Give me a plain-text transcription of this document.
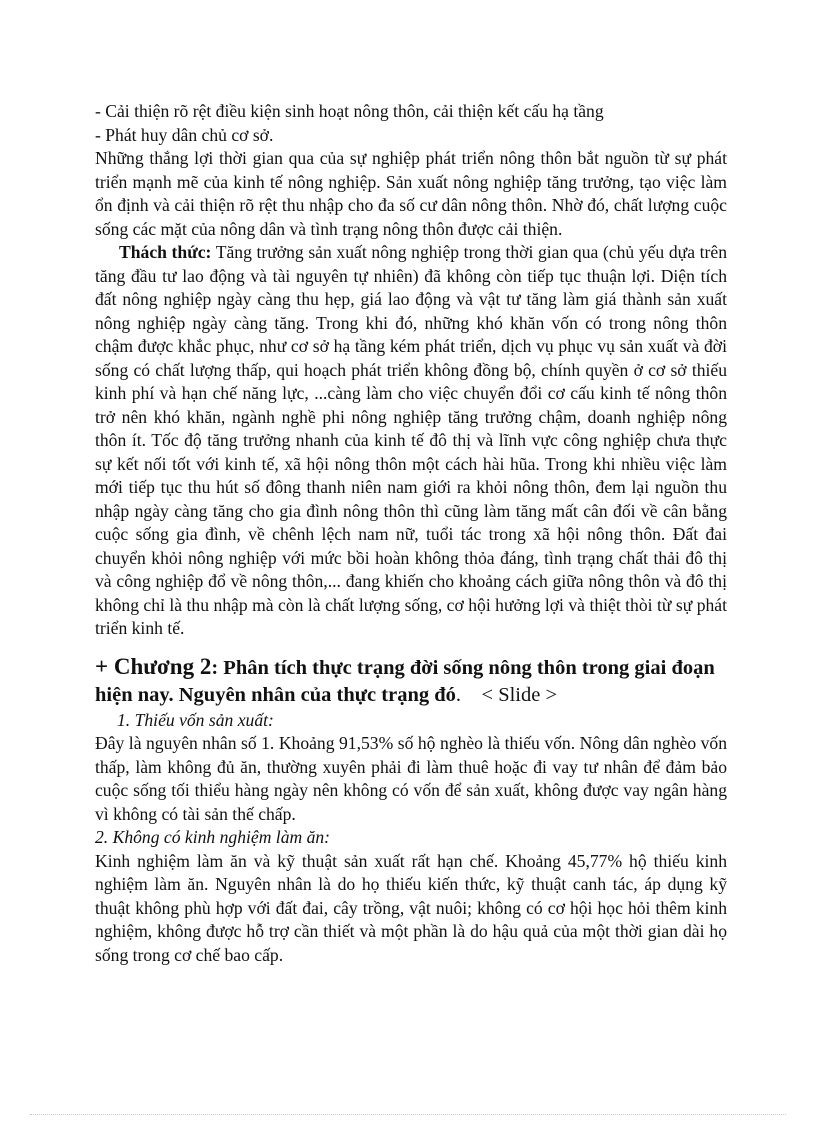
- Cải thiện rõ rệt điều kiện sinh hoạt nông thôn, cải thiện kết cấu hạ tầng

- Phát huy dân chủ cơ sở.

Những thắng lợi thời gian qua của sự nghiệp phát triển nông thôn bắt nguồn từ sự phát triển mạnh mẽ của kinh tế nông nghiệp. Sản xuất nông nghiệp tăng trưởng, tạo việc làm ổn định và cải thiện rõ rệt thu nhập cho đa số cư dân nông thôn. Nhờ đó, chất lượng cuộc sống các mặt của nông dân và tình trạng nông thôn được cải thiện.

Thách thức: Tăng trưởng sản xuất nông nghiệp trong thời gian qua (chủ yếu dựa trên tăng đầu tư lao động và tài nguyên tự nhiên) đã không còn tiếp tục thuận lợi. Diện tích đất nông nghiệp ngày càng thu hẹp, giá lao động và vật tư tăng làm giá thành sản xuất nông nghiệp ngày càng tăng. Trong khi đó, những khó khăn vốn có trong nông thôn chậm được khắc phục, như cơ sở hạ tầng kém phát triển, dịch vụ phục vụ sản xuất và đời sống có chất lượng thấp, qui hoạch phát triển không đồng bộ, chính quyền ở cơ sở thiếu kinh phí và hạn chế năng lực, ...càng làm cho việc chuyển đổi cơ cấu kinh tế nông thôn trở nên khó khăn, ngành nghề phi nông nghiệp tăng trưởng chậm, doanh nghiệp nông thôn ít. Tốc độ tăng trưởng nhanh của kinh tế đô thị và lĩnh vực công nghiệp chưa thực sự kết nối tốt với kinh tế, xã hội nông thôn một cách hài hũa. Trong khi nhiều việc làm mới tiếp tục thu hút số đông thanh niên nam giới ra khỏi nông thôn, đem lại nguồn thu nhập ngày càng tăng cho gia đình nông thôn thì cũng làm tăng mất cân đối về cân bằng cuộc sống gia đình, về chênh lệch nam nữ, tuổi tác trong xã hội nông thôn. Đất đai chuyển khỏi nông nghiệp với mức bồi hoàn không thỏa đáng, tình trạng chất thải đô thị và công nghiệp đổ về nông thôn,... đang khiến cho khoảng cách giữa nông thôn và đô thị không chỉ là thu nhập mà còn là chất lượng sống, cơ hội hưởng lợi và thiệt thòi từ sự phát triển kinh tế.

+ Chương 2: Phân tích thực trạng đời sống nông thôn trong giai đoạn hiện nay. Nguyên nhân của thực trạng đó. < Slide >

1. Thiếu vốn sản xuất:

Đây là nguyên nhân số 1. Khoảng 91,53% số hộ nghèo là thiếu vốn. Nông dân nghèo vốn thấp, làm không đủ ăn, thường xuyên phải đi làm thuê hoặc đi vay tư nhân để đảm bảo cuộc sống tối thiểu hàng ngày nên không có vốn để sản xuất, không được vay ngân hàng vì không có tài sản thế chấp.

2. Không có kinh nghiệm làm ăn:

Kinh nghiệm làm ăn và kỹ thuật sản xuất rất hạn chế. Khoảng 45,77% hộ thiếu kinh nghiệm làm ăn. Nguyên nhân là do họ thiếu kiến thức, kỹ thuật canh tác, áp dụng kỹ thuật không phù hợp với đất đai, cây trồng, vật nuôi; không có cơ hội học hỏi thêm kinh nghiệm, không được hỗ trợ cần thiết và một phần là do hậu quả của một thời gian dài họ sống trong cơ chế bao cấp.
